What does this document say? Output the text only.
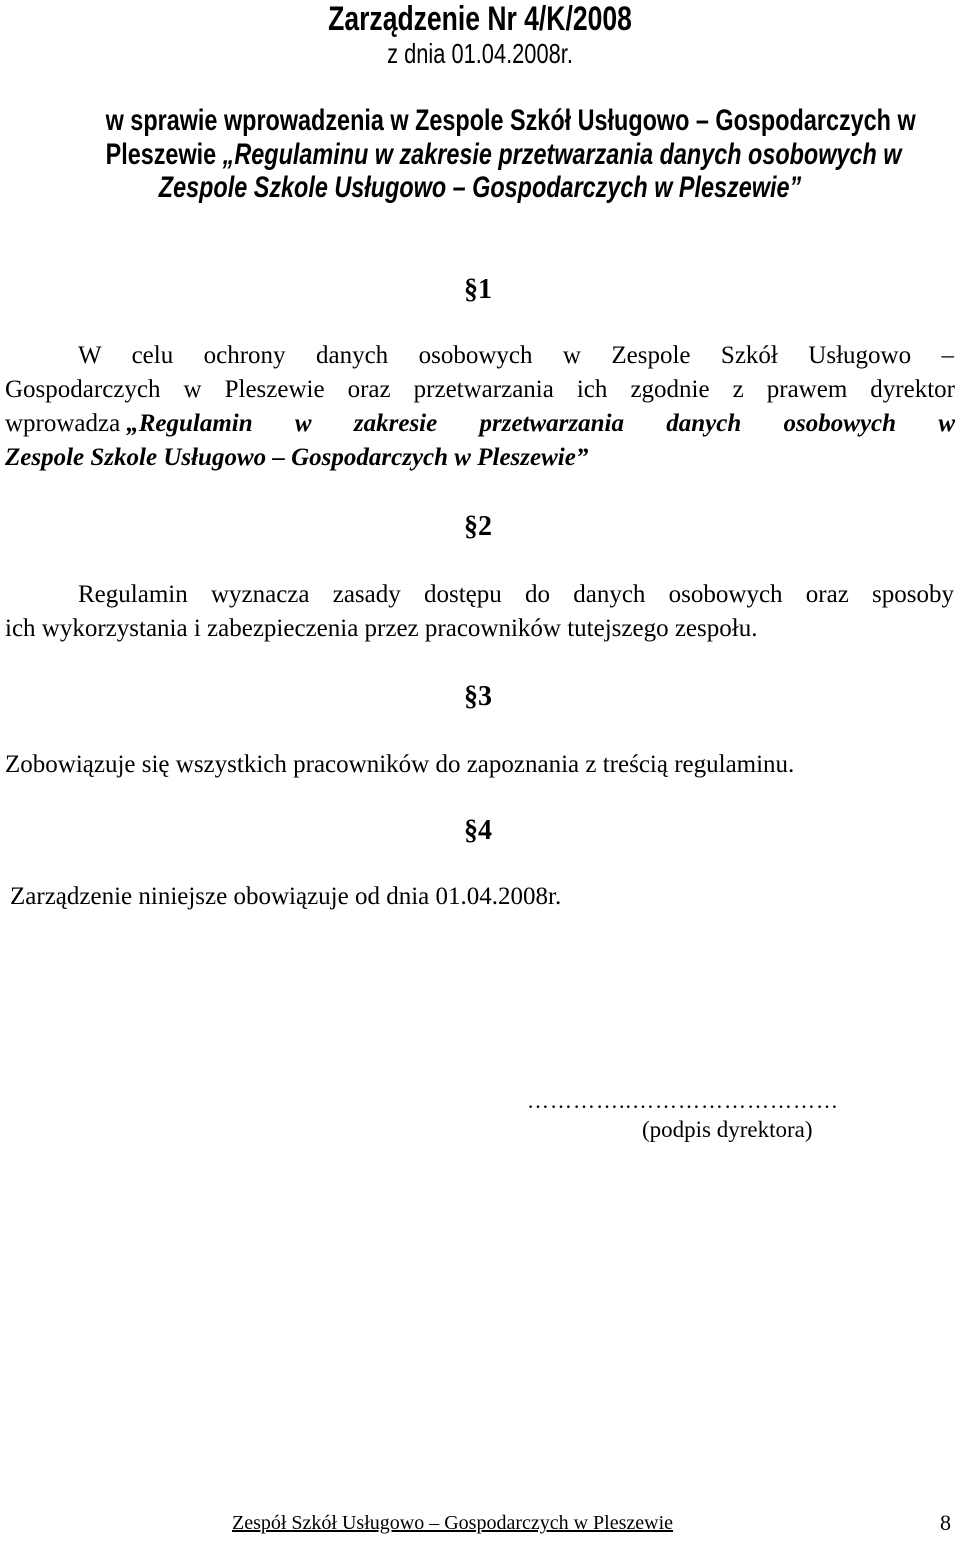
Zarządzenie Nr 4/K/2008
z dnia 01.04.2008r.
w sprawie wprowadzenia w Zespole Szkół Usługowo – Gospodarczych w
Pleszewie „Regulaminu w zakresie przetwarzania danych osobowych w
Zespole Szkole Usługowo – Gospodarczych w Pleszewie”
§1
W celu ochrony danych osobowych w Zespole Szkół Usługowo –
Gospodarczych w Pleszewie oraz przetwarzania ich zgodnie z prawem dyrektor
wprowadza „Regulamin w zakresie przetwarzania danych osobowych w
Zespole Szkole Usługowo – Gospodarczych w Pleszewie”
§2
Regulamin wyznacza zasady dostępu do danych osobowych oraz sposoby
ich wykorzystania i zabezpieczenia przez pracowników tutejszego zespołu.
§3
Zobowiązuje się wszystkich pracowników do zapoznania z treścią regulaminu.
§4
Zarządzenie niniejsze obowiązuje od dnia 01.04.2008r.
…………..………………………
(podpis dyrektora)
Zespół Szkół Usługowo – Gospodarczych w Pleszewie	8
